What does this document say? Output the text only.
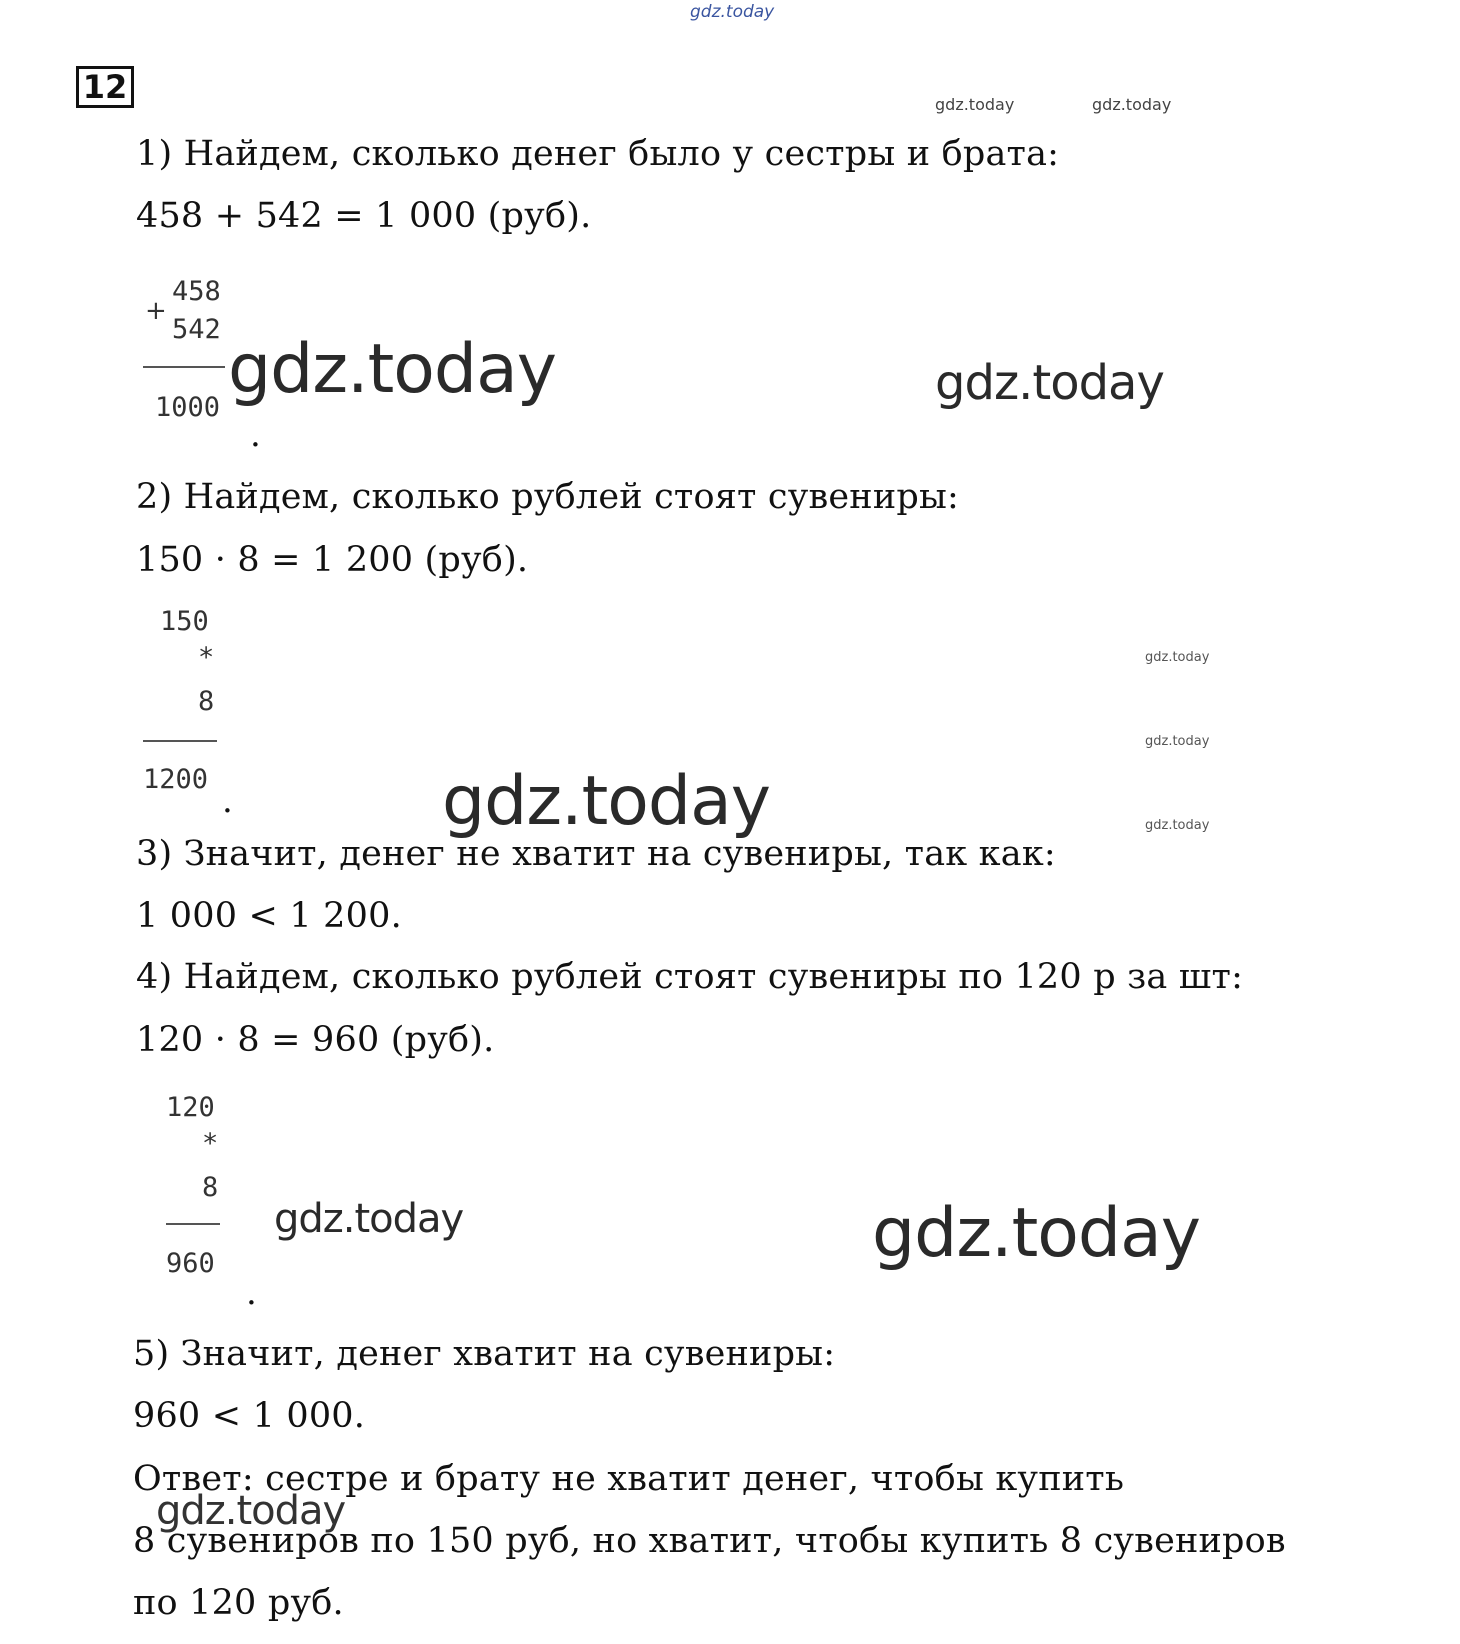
gdz.today
12	gdz.today	gdz.today
1) Найдем, сколько денег было у сестры и брата:
458 + 542 = 1 000 (руб).
458
+
542
1000
.
gdz.today	gdz.today
2) Найдем, сколько рублей стоят сувениры:
150 · 8 = 1 200 (руб).
150
*
8
1200
.
gdz.today
gdz.today
gdz.today
gdz.today
3) Значит, денег не хватит на сувениры, так как:
1 000 < 1 200.
4) Найдем, сколько рублей стоят сувениры по 120 р за шт:
120 · 8 = 960 (руб).
120
*
8
960
.
gdz.today	gdz.today
5) Значит, денег хватит на сувениры:
960 < 1 000.
Ответ: сестре и брату не хватит денег, чтобы купить
gdz.today
8 сувениров по 150 руб, но хватит, чтобы купить 8 сувениров
по 120 руб.
